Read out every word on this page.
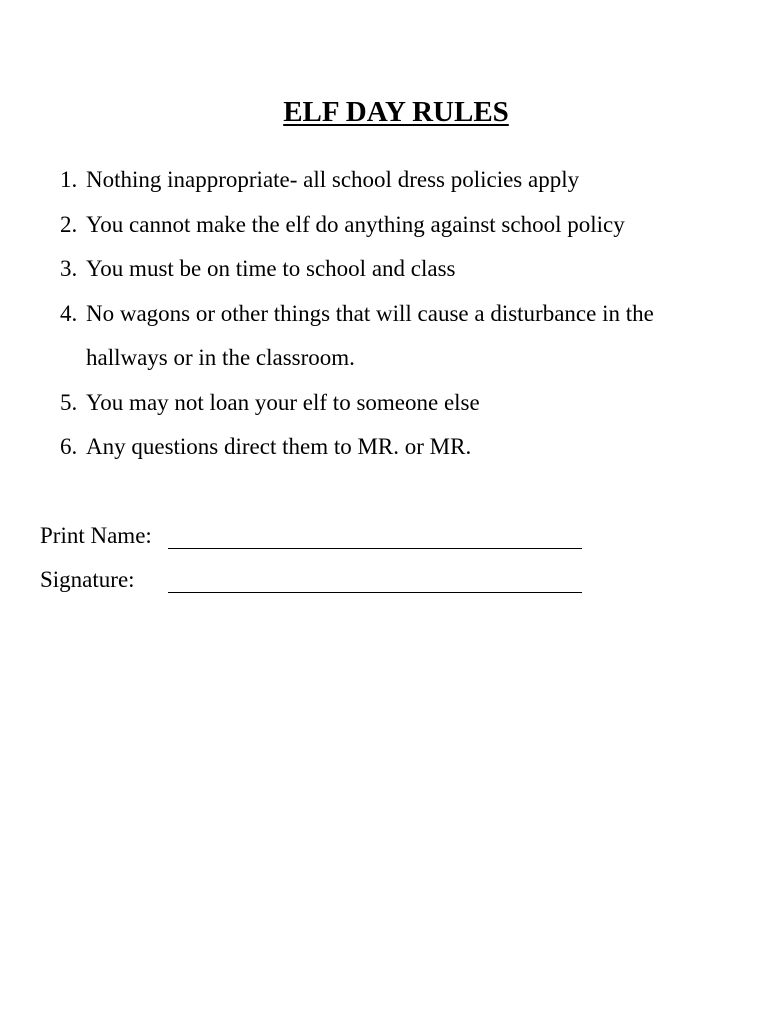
ELF DAY RULES
1. Nothing inappropriate- all school dress policies apply
2. You cannot make the elf do anything against school policy
3. You must be on time to school and class
4. No wagons or other things that will cause a disturbance in the hallways or in the classroom.
5. You may not loan your elf to someone else
6. Any questions direct them to MR. or MR.
Print Name:
Signature:
